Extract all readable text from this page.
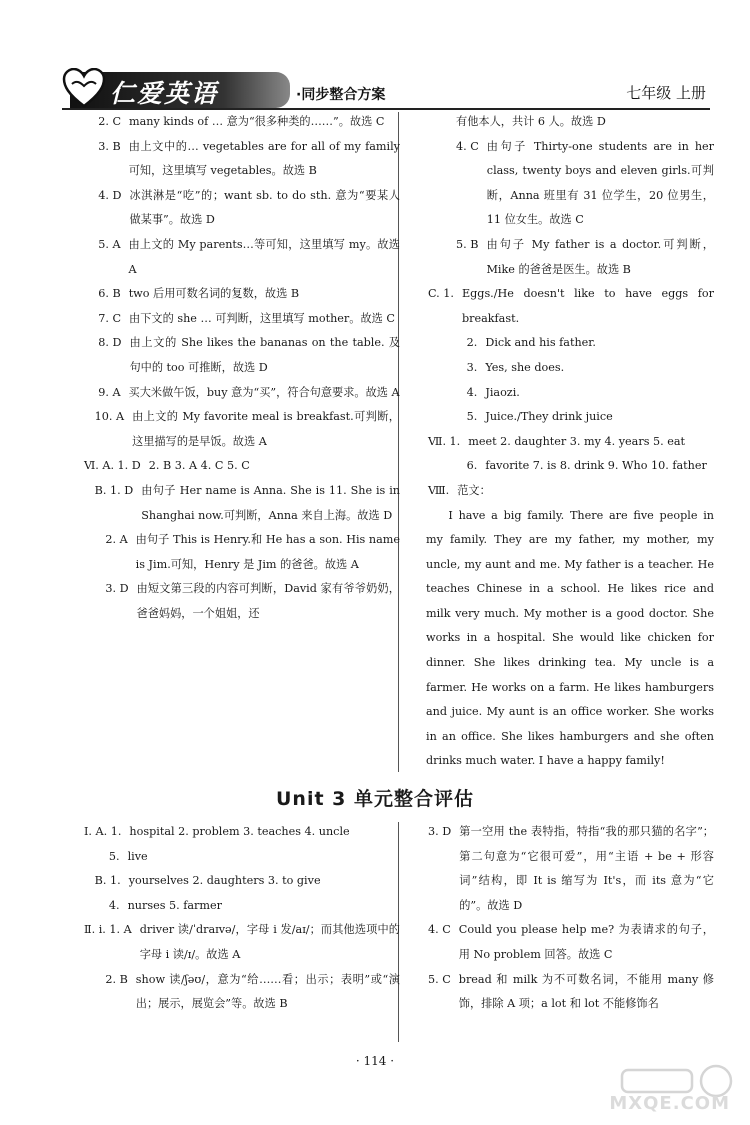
仁爱英语	·同步整合方案	七年级 上册
2. C many kinds of … 意为“很多种类的……”。故选 C
3. B 由上文中的… vegetables are for all of my family 可知，这里填写 vegetables。故选 B
4. D 冰淇淋是“吃”的；want sb. to do sth. 意为“要某人做某事”。故选 D
5. A 由上文的 My parents…等可知，这里填写 my。故选 A
6. B two 后用可数名词的复数，故选 B
7. C 由下文的 she … 可判断，这里填写 mother。故选 C
8. D 由上文的 She likes the bananas on the table. 及句中的 too 可推断，故选 D
9. A 买大米做午饭，buy 意为“买”，符合句意要求。故选 A
10. A 由上文的 My favorite meal is breakfast.可判断，这里描写的是早饭。故选 A
Ⅵ. A. 1. D 2. B 3. A 4. C 5. C
B. 1. D 由句子 Her name is Anna. She is 11. She is in Shanghai now.可判断，Anna 来自上海。故选 D
2. A 由句子 This is Henry.和 He has a son. His name is Jim.可知，Henry 是 Jim 的爸爸。故选 A
3. D 由短文第三段的内容可判断，David 家有爷爷奶奶，爸爸妈妈，一个姐姐，还
有他本人，共计 6 人。故选 D
4. C 由句子 Thirty-one students are in her class, twenty boys and eleven girls.可判断，Anna 班里有 31 位学生，20 位男生，11 位女生。故选 C
5. B 由句子 My father is a doctor.可判断，Mike 的爸爸是医生。故选 B
C. 1. Eggs./He doesn't like to have eggs for breakfast.
2. Dick and his father.
3. Yes, she does.
4. Jiaozi.
5. Juice./They drink juice
Ⅶ. 1. meet 2. daughter 3. my 4. years 5. eat
6. favorite 7. is 8. drink 9. Who 10. father
Ⅷ. 范文：
I have a big family. There are five people in my family. They are my father, my mother, my uncle, my aunt and me. My father is a teacher. He teaches Chinese in a school. He likes rice and milk very much. My mother is a good doctor. She works in a hospital. She would like chicken for dinner. She likes drinking tea. My uncle is a farmer. He works on a farm. He likes hamburgers and juice. My aunt is an office worker. She works in an office. She likes hamburgers and she often drinks much water. I have a happy family!
Unit 3 单元整合评估
Ⅰ. A. 1. hospital 2. problem 3. teaches 4. uncle
5. live
B. 1. yourselves 2. daughters 3. to give
4. nurses 5. farmer
Ⅱ. i. 1. A driver 读/ˈdraɪvə/，字母 i 发/aɪ/；而其他选项中的字母 i 读/ɪ/。故选 A
2. B show 读/ʃəʊ/，意为“给……看；出示；表明”或“演出；展示，展览会”等。故选 B
3. D 第一空用 the 表特指，特指“我的那只猫的名字”；第二句意为“它很可爱”，用“主语 + be + 形容词”结构，即 It is 缩写为 It's，而 its 意为“它的”。故选 D
4. C Could you please help me? 为表请求的句子，用 No problem 回答。故选 C
5. C bread 和 milk 为不可数名词，不能用 many 修饰，排除 A 项；a lot 和 lot 不能修饰名
· 114 ·
MXQE.COM
